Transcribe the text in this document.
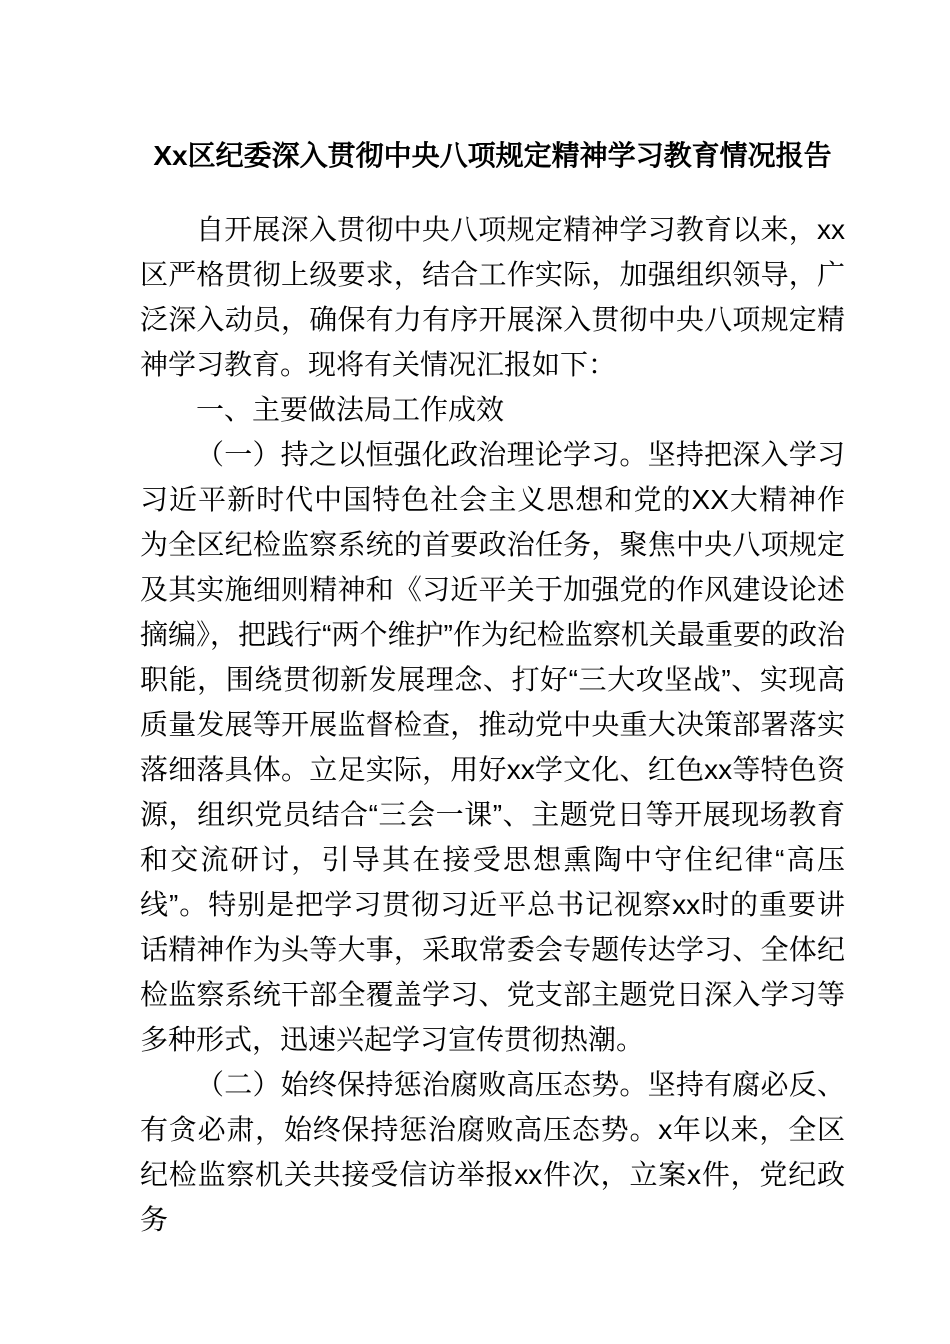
Xx区纪委深入贯彻中央八项规定精神学习教育情况报告

自开展深入贯彻中央八项规定精神学习教育以来，xx区严格贯彻上级要求，结合工作实际，加强组织领导，广泛深入动员，确保有力有序开展深入贯彻中央八项规定精神学习教育。现将有关情况汇报如下：

一、主要做法局工作成效

（一）持之以恒强化政治理论学习。坚持把深入学习习近平新时代中国特色社会主义思想和党的XX大精神作为全区纪检监察系统的首要政治任务，聚焦中央八项规定及其实施细则精神和《习近平关于加强党的作风建设论述摘编》，把践行“两个维护”作为纪检监察机关最重要的政治职能，围绕贯彻新发展理念、打好“三大攻坚战”、实现高质量发展等开展监督检查，推动党中央重大决策部署落实落细落具体。立足实际，用好xx学文化、红色xx等特色资源，组织党员结合“三会一课”、主题党日等开展现场教育和交流研讨，引导其在接受思想熏陶中守住纪律“高压线”。特别是把学习贯彻习近平总书记视察xx时的重要讲话精神作为头等大事，采取常委会专题传达学习、全体纪检监察系统干部全覆盖学习、党支部主题党日深入学习等多种形式，迅速兴起学习宣传贯彻热潮。

（二）始终保持惩治腐败高压态势。坚持有腐必反、有贪必肃，始终保持惩治腐败高压态势。x年以来，全区纪检监察机关共接受信访举报xx件次，立案x件，党纪政务
